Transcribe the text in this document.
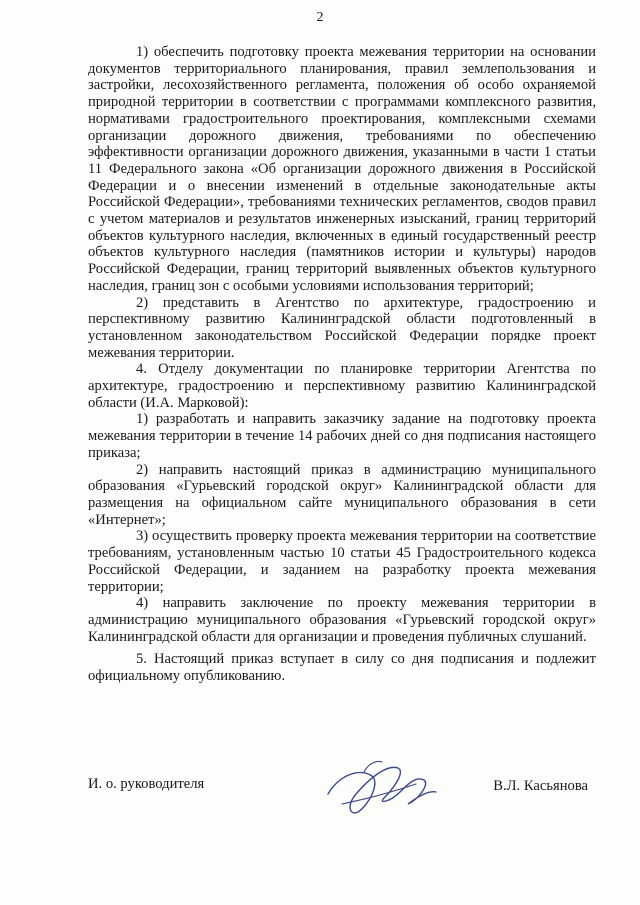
2

1) обеспечить подготовку проекта межевания территории на основании документов территориального планирования, правил землепользования и застройки, лесохозяйственного регламента, положения об особо охраняемой природной территории в соответствии с программами комплексного развития, нормативами градостроительного проектирования, комплексными схемами организации дорожного движения, требованиями по обеспечению эффективности организации дорожного движения, указанными в части 1 статьи 11 Федерального закона «Об организации дорожного движения в Российской Федерации и о внесении изменений в отдельные законодательные акты Российской Федерации», требованиями технических регламентов, сводов правил с учетом материалов и результатов инженерных изысканий, границ территорий объектов культурного наследия, включенных в единый государственный реестр объектов культурного наследия (памятников истории и культуры) народов Российской Федерации, границ территорий выявленных объектов культурного наследия, границ зон с особыми условиями использования территорий;

2) представить в Агентство по архитектуре, градостроению и перспективному развитию Калининградской области подготовленный в установленном законодательством Российской Федерации порядке проект межевания территории.

4. Отделу документации по планировке территории Агентства по архитектуре, градостроению и перспективному развитию Калининградской области (И.А. Марковой):

1) разработать и направить заказчику задание на подготовку проекта межевания территории в течение 14 рабочих дней со дня подписания настоящего приказа;

2) направить настоящий приказ в администрацию муниципального образования «Гурьевский городской округ» Калининградской области для размещения на официальном сайте муниципального образования в сети «Интернет»;

3) осуществить проверку проекта межевания территории на соответствие требованиям, установленным частью 10 статьи 45 Градостроительного кодекса Российской Федерации, и заданием на разработку проекта межевания территории;

4) направить заключение по проекту межевания территории в администрацию муниципального образования «Гурьевский городской округ» Калининградской области для организации и проведения публичных слушаний.

5. Настоящий приказ вступает в силу со дня подписания и подлежит официальному опубликованию.

И. о. руководителя	В.Л. Касьянова
